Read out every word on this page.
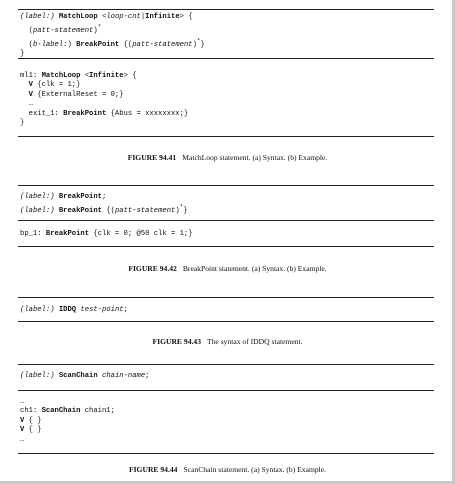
(label:) MatchLoop <loop-cnt|Infinite> {
(patt-statement)*
(b-label:) BreakPoint {(patt-statement)*}
}
ml1: MatchLoop <Infinite> {
V {clk = 1;}
V {ExternalReset = 0;}
…
exit_1: BreakPoint {Abus = xxxxxxxx;}
}
FIGURE 94.41 MatchLoop statement. (a) Syntax. (b) Example.
(label:) BreakPoint;
(label:) BreakPoint {(patt-statement)*}
bp_1: BreakPoint {clk = 0; @50 clk = 1;}
FIGURE 94.42 BreakPoint statement. (a) Syntax. (b) Example.
(label:) IDDQ test-point;
FIGURE 94.43 The syntax of IDDQ statement.
(label:) ScanChain chain-name;
…
ch1: ScanChain chain1;
V { }
V { }
…
FIGURE 94.44 ScanChain statement. (a) Syntax. (b) Example.
